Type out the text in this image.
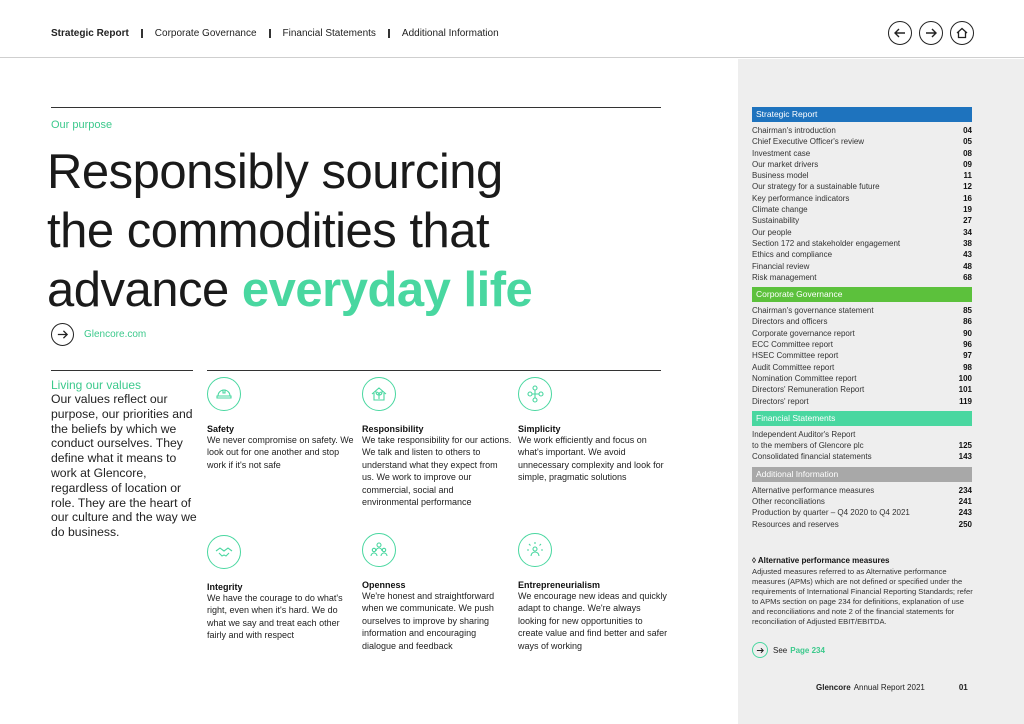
Strategic Report	Corporate Governance	Financial Statements	Additional Information
Our purpose
Responsibly sourcing
the commodities that
advance everyday life
Glencore.com
Living our values
Our values reflect our purpose, our priorities and the beliefs by which we conduct ourselves. They define what it means to work at Glencore, regardless of location or role. They are the heart of our culture and the way we do business.
Safety
We never compromise on safety. We look out for one another and stop work if it's not safe
Responsibility
We take responsibility for our actions. We talk and listen to others to understand what they expect from us. We work to improve our commercial, social and environmental performance
Simplicity
We work efficiently and focus on what's important. We avoid unnecessary complexity and look for simple, pragmatic solutions
Integrity
We have the courage to do what's right, even when it's hard. We do what we say and treat each other fairly and with respect
Openness
We're honest and straightforward when we communicate. We push ourselves to improve by sharing information and encouraging dialogue and feedback
Entrepreneurialism
We encourage new ideas and quickly adapt to change. We're always looking for new opportunities to create value and find better and safer ways of working
Strategic Report
Chairman's introduction	04
Chief Executive Officer's review	05
Investment case	08
Our market drivers	09
Business model	11
Our strategy for a sustainable future	12
Key performance indicators	16
Climate change	19
Sustainability	27
Our people	34
Section 172 and stakeholder engagement	38
Ethics and compliance	43
Financial review	48
Risk management	68
Corporate Governance
Chairman's governance statement	85
Directors and officers	86
Corporate governance report	90
ECC Committee report	96
HSEC Committee report	97
Audit Committee report	98
Nomination Committee report	100
Directors' Remuneration Report	101
Directors' report	119
Financial Statements
Independent Auditor's Report
to the members of Glencore plc	125
Consolidated financial statements	143
Additional Information
Alternative performance measures	234
Other reconciliations	241
Production by quarter – Q4 2020 to Q4 2021	243
Resources and reserves	250
◊ Alternative performance measures
Adjusted measures referred to as Alternative performance measures (APMs) which are not defined or specified under the requirements of International Financial Reporting Standards; refer to APMs section on page 234 for definitions, explanation of use and reconciliations and note 2 of the financial statements for reconciliation of Adjusted EBIT/EBITDA.
See Page 234
Glencore Annual Report 2021	01
